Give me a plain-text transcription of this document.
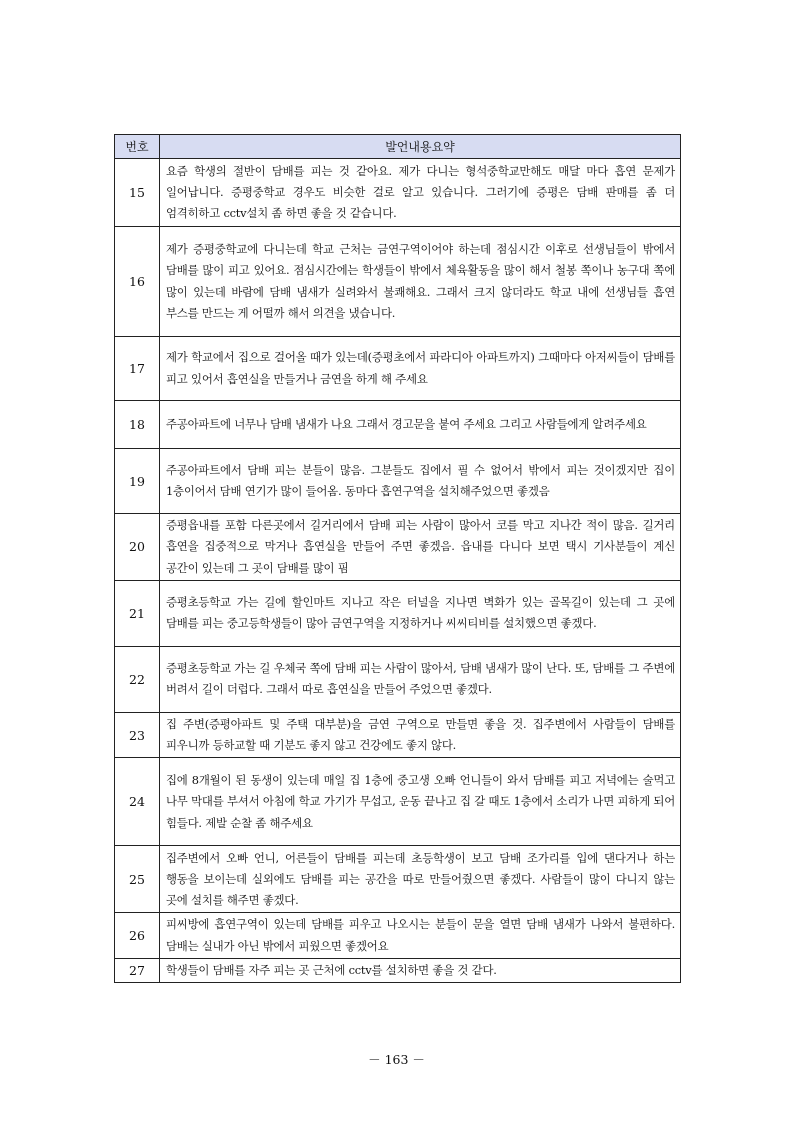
번호	발언내용요약
15	요즘 학생의 절반이 담배를 피는 것 같아요. 제가 다니는 형석중학교만해도 매달 마다 흡연 문제가 일어납니다. 증평중학교 경우도 비슷한 걸로 알고 있습니다. 그러기에 증평은 담배 판매를 좀 더 엄격히하고 cctv설치 좀 하면 좋을 것 같습니다.
16	제가 증평중학교에 다니는데 학교 근처는 금연구역이어야 하는데 점심시간 이후로 선생님들이 밖에서 담배를 많이 피고 있어요. 점심시간에는 학생들이 밖에서 체육활동을 많이 해서 철봉 쪽이나 농구대 쪽에 많이 있는데 바람에 담배 냄새가 실려와서 불쾌해요. 그래서 크지 않더라도 학교 내에 선생님들 흡연 부스를 만드는 게 어떨까 해서 의견을 냈습니다.
17	제가 학교에서 집으로 걸어올 때가 있는데(증평초에서 파라디아 아파트까지) 그때마다 아저씨들이 담배를 피고 있어서 흡연실을 만들거나 금연을 하게 해 주세요
18	주공아파트에 너무나 담배 냄새가 나요 그래서 경고문을 붙여 주세요 그리고 사람들에게 알려주세요
19	주공아파트에서 담배 피는 분들이 많음. 그분들도 집에서 필 수 없어서 밖에서 피는 것이겠지만 집이 1층이어서 담배 연기가 많이 들어옴. 동마다 흡연구역을 설치해주었으면 좋겠음
20	증평읍내를 포함 다른곳에서 길거리에서 담배 피는 사람이 많아서 코를 막고 지나간 적이 많음. 길거리 흡연을 집중적으로 막거나 흡연실을 만들어 주면 좋겠음. 읍내를 다니다 보면 택시 기사분들이 계신 공간이 있는데 그 곳이 담배를 많이 핌
21	증평초등학교 가는 길에 할인마트 지나고 작은 터널을 지나면 벽화가 있는 골목길이 있는데 그 곳에 담배를 피는 중고등학생들이 많아 금연구역을 지정하거나 씨씨티비를 설치했으면 좋겠다.
22	증평초등학교 가는 길 우체국 쪽에 담배 피는 사람이 많아서, 담배 냄새가 많이 난다. 또, 담배를 그 주변에 버려서 길이 더럽다. 그래서 따로 흡연실을 만들어 주었으면 좋겠다.
23	집 주변(증평아파트 및 주택 대부분)을 금연 구역으로 만들면 좋을 것. 집주변에서 사람들이 담배를 피우니까 등하교할 때 기분도 좋지 않고 건강에도 좋지 않다.
24	집에 8개월이 된 동생이 있는데 매일 집 1층에 중고생 오빠 언니들이 와서 담배를 피고 저녁에는 술먹고 나무 막대를 부셔서 아침에 학교 가기가 무섭고, 운동 끝나고 집 갈 때도 1층에서 소리가 나면 피하게 되어 힘들다. 제발 순찰 좀 해주세요
25	집주변에서 오빠 언니, 어른들이 담배를 피는데 초등학생이 보고 담배 조가리를 입에 댄다거나 하는 행동을 보이는데 실외에도 담배를 피는 공간을 따로 만들어줬으면 좋겠다. 사람들이 많이 다니지 않는 곳에 설치를 해주면 좋겠다.
26	피씨방에 흡연구역이 있는데 담배를 피우고 나오시는 분들이 문을 열면 담배 냄새가 나와서 불편하다. 담배는 실내가 아닌 밖에서 피웠으면 좋겠어요
27	학생들이 담배를 자주 피는 곳 근처에 cctv를 설치하면 좋을 것 같다.
－ 163 －
